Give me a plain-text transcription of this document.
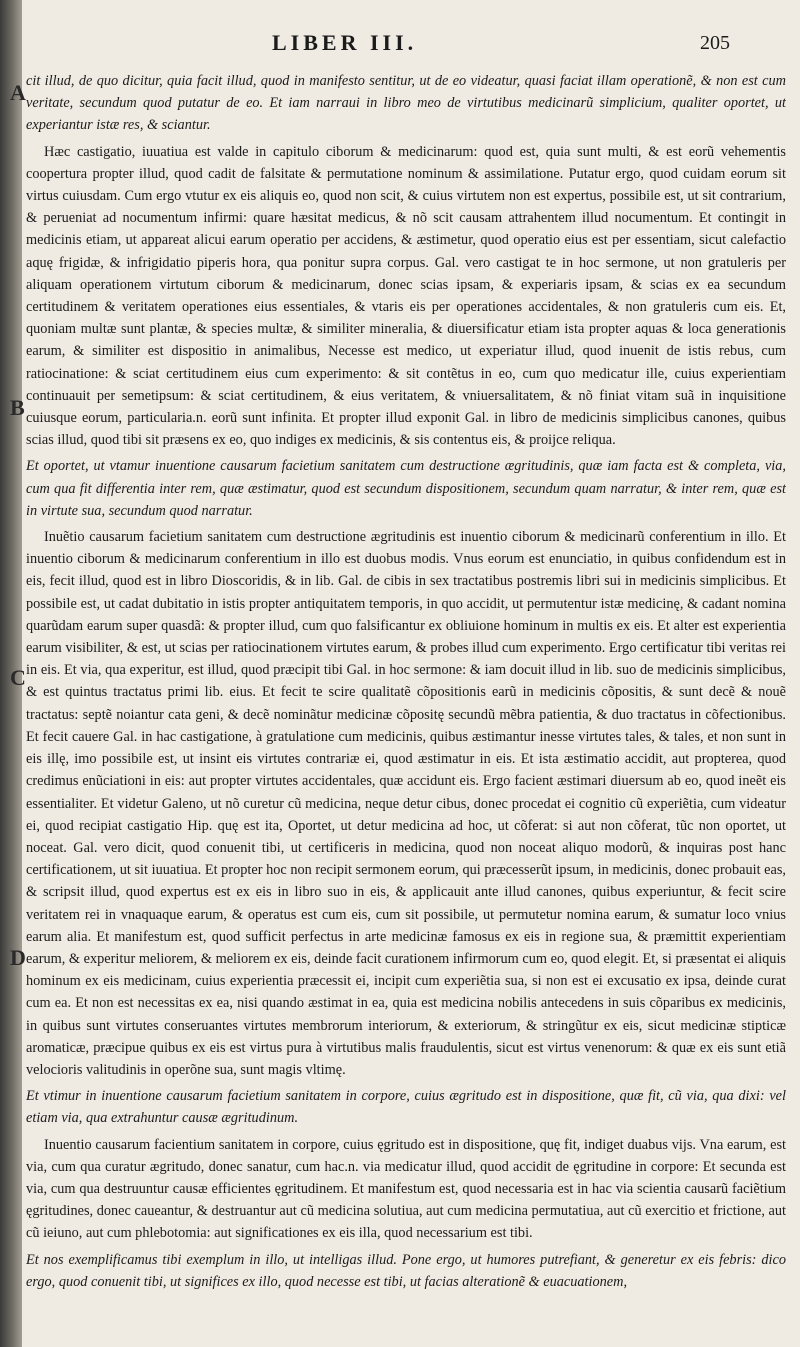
LIBER III.	205
A
B
C
D

cit illud, de quo dicitur, quia facit illud, quod in manifesto sentitur, ut de eo videatur, quasi faciat illam operationẽ, & non est cum veritate, secundum quod putatur de eo. Et iam narraui in libro meo de virtutibus medicinarũ simplicium, qualiter oportet, ut experiantur istæ res, & sciantur.

Hæc castigatio, iuuatiua est valde in capitulo ciborum & medicinarum: quod est, quia sunt multi, & est eorũ vehementis coopertura propter illud, quod cadit de falsitate & permutatione nominum & assimilatione. Putatur ergo, quod cuidam eorum sit virtus cuiusdam. Cum ergo vtutur ex eis aliquis eo, quod non scit, & cuius virtutem non est expertus, possibile est, ut sit contrarium, & perueniat ad nocumentum infirmi: quare hæsitat medicus, & nõ scit causam attrahentem illud nocumentum. Et contingit in medicinis etiam, ut appareat alicui earum operatio per accidens, & æstimetur, quod operatio eius est per essentiam, sicut calefactio aquę frigidæ, & infrigidatio piperis hora, qua ponitur supra corpus. Gal. vero castigat te in hoc sermone, ut non gratuleris per aliquam operationem virtutum ciborum & medicinarum, donec scias ipsam, & experiaris ipsam, & scias ex ea secundum certitudinem & veritatem operationes eius essentiales, & vtaris eis per operationes accidentales, & non gratuleris cum eis. Et, quoniam multæ sunt plantæ, & species multæ, & similiter mineralia, & diuersificatur etiam ista propter aquas & loca generationis earum, & similiter est dispositio in animalibus, Necesse est medico, ut experiatur illud, quod inuenit de istis rebus, cum ratiocinatione: & sciat certitudinem eius cum experimento: & sit contẽtus in eo, cum quo medicatur ille, cuius experientiam continuauit per semetipsum: & sciat certitudinem, & eius veritatem, & vniuersalitatem, & nõ finiat vitam suã in inquisitione cuiusque eorum, particularia.n. eorũ sunt infinita. Et propter illud exponit Gal. in libro de medicinis simplicibus canones, quibus scias illud, quod tibi sit præsens ex eo, quo indiges ex medicinis, & sis contentus eis, & proijce reliqua.

Et oportet, ut vtamur inuentione causarum facietium sanitatem cum destructione ægritudinis, quæ iam facta est & completa, via, cum qua fit differentia inter rem, quæ æstimatur, quod est secundum dispositionem, secundum quam narratur, & inter rem, quæ est in virtute sua, secundum quod narratur.

Inuẽtio causarum facietium sanitatem cum destructione ægritudinis est inuentio ciborum & medicinarũ conferentium in illo. Et inuentio ciborum & medicinarum conferentium in illo est duobus modis. Vnus eorum est enunciatio, in quibus confidendum est in eis, fecit illud, quod est in libro Dioscoridis, & in lib. Gal. de cibis in sex tractatibus postremis libri sui in medicinis simplicibus. Et possibile est, ut cadat dubitatio in istis propter antiquitatem temporis, in quo accidit, ut permutentur istæ medicinę, & cadant nomina quarũdam earum super quasdã: & propter illud, cum quo falsificantur ex obliuione hominum in multis ex eis. Et alter est experientia earum visibiliter, & est, ut scias per ratiocinationem virtutes earum, & probes illud cum experimento. Ergo certificatur tibi veritas rei in eis. Et via, qua experitur, est illud, quod præcipit tibi Gal. in hoc sermone: & iam docuit illud in lib. suo de medicinis simplicibus, & est quintus tractatus primi lib. eius. Et fecit te scire qualitatẽ cõpositionis earũ in medicinis cõpositis, & sunt decẽ & nouẽ tractatus: septẽ noiantur cata geni, & decẽ nominãtur medicinæ cõpositę secundũ mẽbra patientia, & duo tractatus in cõfectionibus. Et fecit cauere Gal. in hac castigatione, à gratulatione cum medicinis, quibus æstimantur inesse virtutes tales, & tales, et non sunt in eis illę, imo possibile est, ut insint eis virtutes contrariæ ei, quod æstimatur in eis. Et ista æstimatio accidit, aut propterea, quod credimus enũciationi in eis: aut propter virtutes accidentales, quæ accidunt eis. Ergo facient æstimari diuersum ab eo, quod ineẽt eis essentialiter. Et videtur Galeno, ut nõ curetur cũ medicina, neque detur cibus, donec procedat ei cognitio cũ experiẽtia, cum videatur ei, quod recipiat castigatio Hip. quę est ita, Oportet, ut detur medicina ad hoc, ut cõferat: si aut non cõferat, tũc non oportet, ut noceat. Gal. vero dicit, quod conuenit tibi, ut certificeris in medicina, quod non noceat aliquo modorũ, & inquiras post hanc certificationem, ut sit iuuatiua. Et propter hoc non recipit sermonem eorum, qui præcesserũt ipsum, in medicinis, donec probauit eas, & scripsit illud, quod expertus est ex eis in libro suo in eis, & applicauit ante illud canones, quibus experiuntur, & fecit scire veritatem rei in vnaquaque earum, & operatus est cum eis, cum sit possibile, ut permutetur nomina earum, & sumatur loco vnius earum alia. Et manifestum est, quod sufficit perfectus in arte medicinæ famosus ex eis in regione sua, & præmittit experientiam earum, & experitur meliorem, & meliorem ex eis, deinde facit curationem infirmorum cum eo, quod elegit. Et, si præsentat ei aliquis hominum ex eis medicinam, cuius experientia præcessit ei, incipit cum experiẽtia sua, si non est ei excusatio ex ipsa, deinde curat cum ea. Et non est necessitas ex ea, nisi quando æstimat in ea, quia est medicina nobilis antecedens in suis cõparibus ex medicinis, in quibus sunt virtutes conseruantes virtutes membrorum interiorum, & exteriorum, & stringũtur ex eis, sicut medicinæ stipticæ aromaticæ, præcipue quibus ex eis est virtus pura à virtutibus malis fraudulentis, sicut est virtus venenorum: & quæ ex eis sunt etiã velocioris valitudinis in operõne sua, sunt magis vltimę.

Et vtimur in inuentione causarum facietium sanitatem in corpore, cuius ægritudo est in dispositione, quæ fit, cũ via, qua dixi: vel etiam via, qua extrahuntur causæ ægritudinum.

Inuentio causarum facientium sanitatem in corpore, cuius ęgritudo est in dispositione, quę fit, indiget duabus vijs. Vna earum, est via, cum qua curatur ægritudo, donec sanatur, cum hac.n. via medicatur illud, quod accidit de ęgritudine in corpore: Et secunda est via, cum qua destruuntur causæ efficientes ęgritudinem. Et manifestum est, quod necessaria est in hac via scientia causarũ faciẽtium ęgritudines, donec caueantur, & destruantur aut cũ medicina solutiua, aut cum medicina permutatiua, aut cũ exercitio et frictione, aut cũ ieiuno, aut cum phlebotomia: aut significationes ex eis illa, quod necessarium est tibi.

Et nos exemplificamus tibi exemplum in illo, ut intelligas illud. Pone ergo, ut humores putrefiant, & generetur ex eis febris: dico ergo, quod conuenit tibi, ut significes ex illo, quod necesse est tibi, ut facias alterationẽ & euacuationem,
